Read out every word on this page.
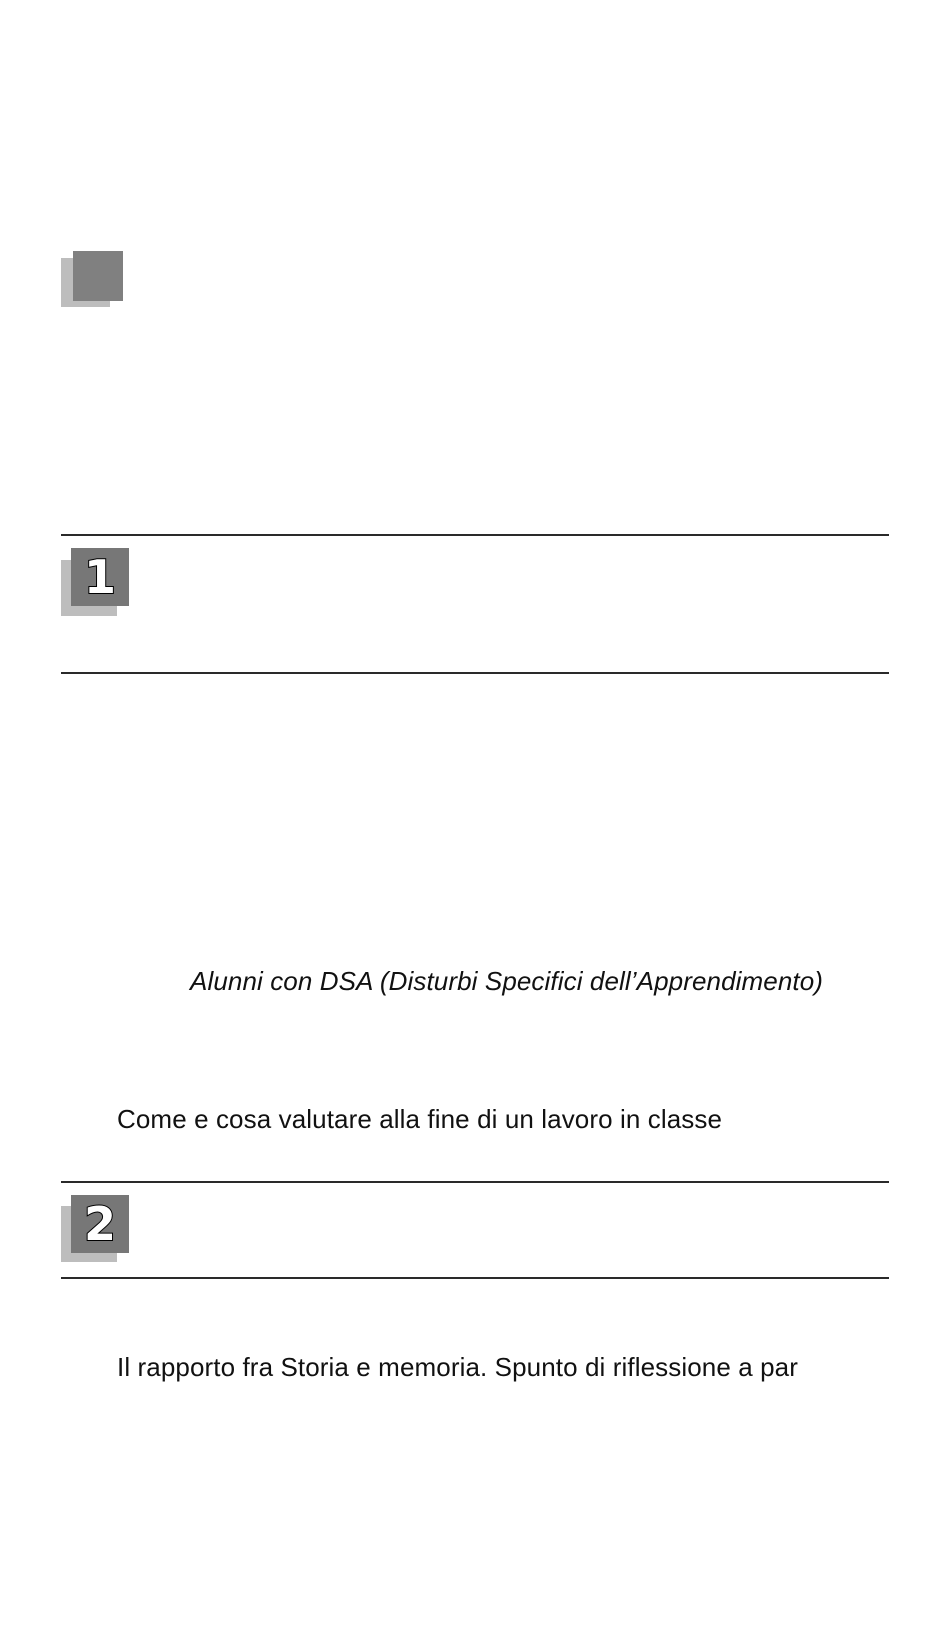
1
Alunni con DSA (Disturbi Specifici dell’Apprendimento)
Come e cosa valutare alla fine di un lavoro in classe
2
Il rapporto fra Storia e memoria. Spunto di riflessione a par
